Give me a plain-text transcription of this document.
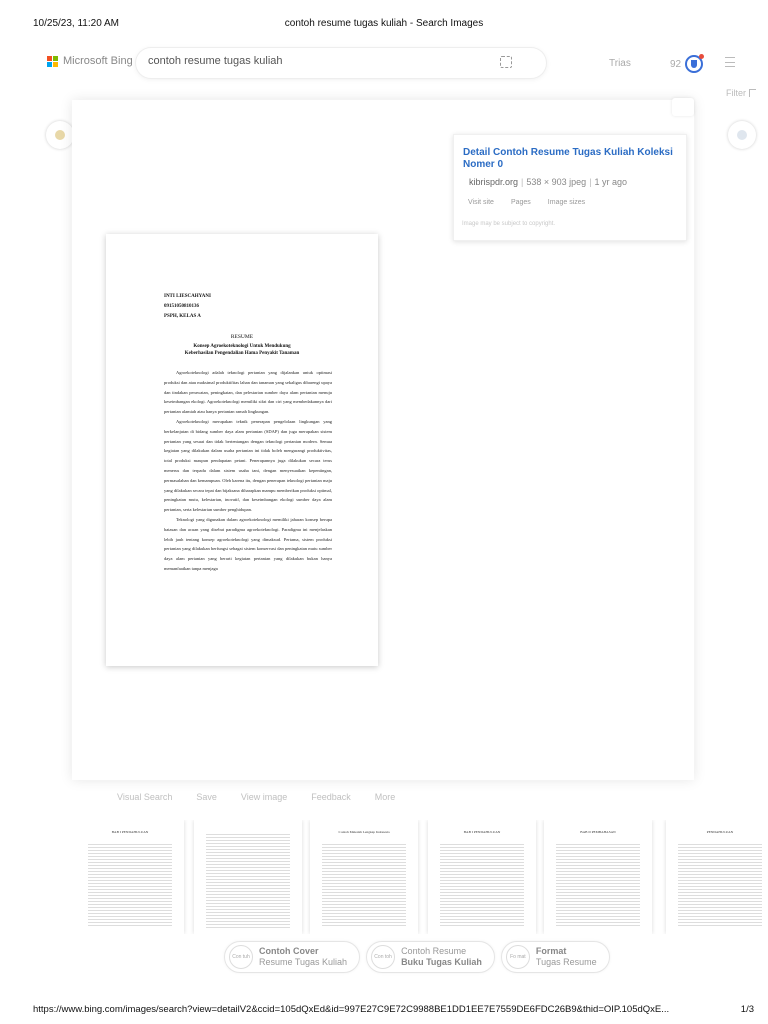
10/25/23, 11:20 AM	contoh resume tugas kuliah - Search Images
Microsoft Bing
contoh resume tugas kuliah	Trias	92
Filter
INTI LIESCAHYANI
09151050810136
PSPH, KELAS A
RESUME
Konsep Agroekoteknologi Untuk Mendukung
Keberhasilan Pengendalian Hama Penyakit Tanaman

Agroekoteknologi adalah teknologi pertanian yang dijalankan untuk optimasi produksi dan atau maksimal produktifitas lahan dan tanaman yang sekaligus dibarengi upaya dan tindakan perawatan, peningkatan, dan pelestarian sumber daya alam pertanian menuju keseimbangan ekologi. Agroekoteknologi memiliki sifat dan ciri yang membedakannya dari pertanian alamiah atau hanya pertanian ramah lingkungan.

Agroekoteknologi merupakan teknik penerapan pengelolaan lingkungan yang berkelanjutan di bidang sumber daya alam pertanian (SDAP) dan juga merupakan sistem pertanian yang sesuai dan tidak bertentangan dengan teknologi pertanian modern. Semua kegiatan yang dilakukan dalam usaha pertanian ini tidak boleh mengurangi produktivitas, total produksi maupun pendapatan petani. Penerapannya juga dilakukan secara terus menerus dan terpadu dalam sistem usaha tani, dengan menyesuaikan kepentingan, permasalahan dan kemampuan. Oleh karena itu, dengan penerapan teknologi pertanian maju yang dilakukan secara tepat dan bijaksana diharapkan mampu memberikan produksi optimal, peningkatan mutu, kelestarian, inovatif, dan keseimbangan ekologi sumber daya alam pertanian, serta kelestarian sumber penghidupan.

Teknologi yang digunakan dalam agroekoteknologi memiliki jaharan konsep berupa batasan dan acuan yang disebut paradigma agroekoteknologi. Paradigma ini menjelaskan lebih jauh tentang konsep agroekoteknologi yang dimaksud. Pertama, sistem produksi pertanian yang dilakukan berfungsi sebagai sistem konservasi dan peningkatan mutu sumber daya alam pertanian yang berarti kegiatan pertanian yang dilakukan bukan hanya memanfaatkan tanpa menjaga

Detail Contoh Resume Tugas Kuliah Koleksi Nomer 0
kibrispdr.org | 538 × 903 jpeg | 1 yr ago
Visit site Pages Image sizes
Image may be subject to copyright.
Visual Search	Save	View image	Feedback	More
BAB I PENDAHULUAN	Contoh Makalah Lengkap Indonesia	BAB I PENDAHULUAN	BAB II PEMBAHASAN	PENDAHULUAN
Con tuh
Contoh Cover
Resume Tugas Kuliah	Con toh
Contoh Resume
Buku Tugas Kuliah	Fo mat
Format
Tugas Resume
https://www.bing.com/images/search?view=detailV2&ccid=105dQxEd&id=997E27C9E72C9988BE1DD1EE7E7559DE6FDC26B9&thid=OIP.105dQxE...	1/3
